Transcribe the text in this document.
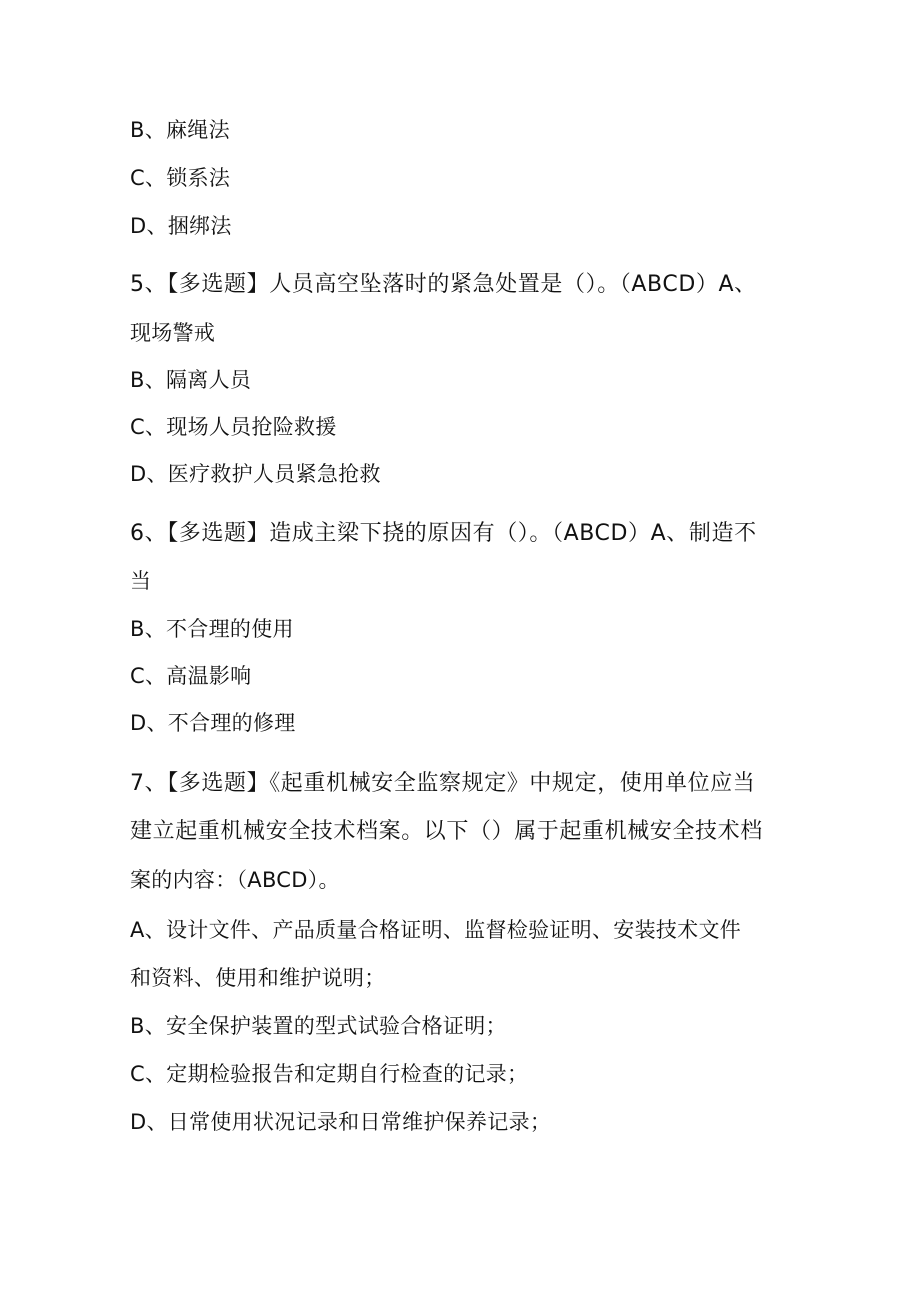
B、麻绳法
C、锁系法
D、捆绑法
5、【多选题】人员高空坠落时的紧急处置是（）。（ABCD）A、
现场警戒
B、隔离人员
C、现场人员抢险救援
D、医疗救护人员紧急抢救
6、【多选题】造成主梁下挠的原因有（）。（ABCD）A、制造不
当
B、不合理的使用
C、高温影响
D、不合理的修理
7、【多选题】《起重机械安全监察规定》中规定，使用单位应当
建立起重机械安全技术档案。以下（）属于起重机械安全技术档
案的内容：（ABCD）。
A、设计文件、产品质量合格证明、监督检验证明、安装技术文件
和资料、使用和维护说明；
B、安全保护装置的型式试验合格证明；
C、定期检验报告和定期自行检查的记录；
D、日常使用状况记录和日常维护保养记录；
